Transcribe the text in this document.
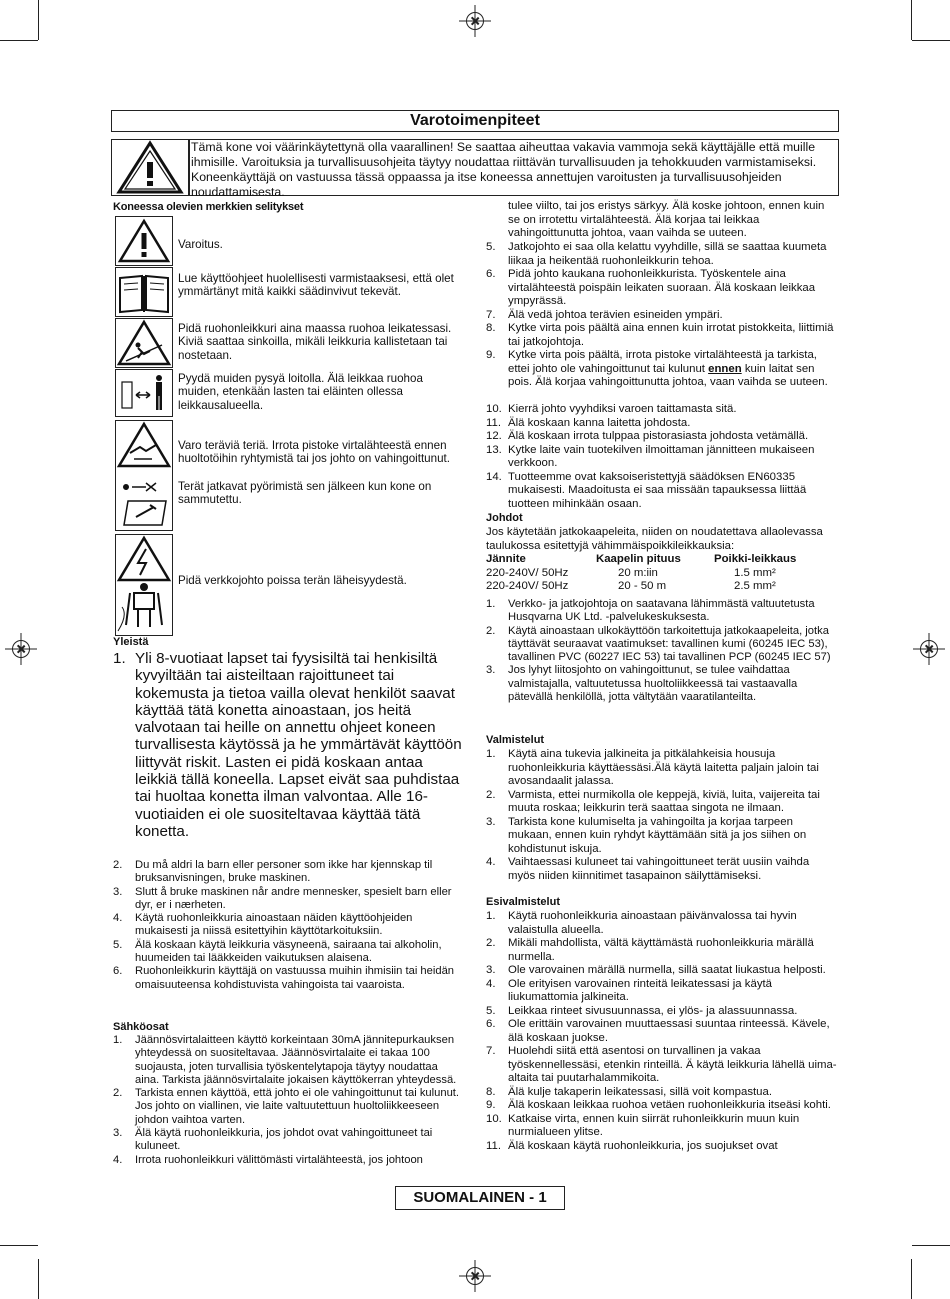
Varotoimenpiteet
Tämä kone voi väärinkäytettynä olla vaarallinen! Se saattaa aiheuttaa vakavia vammoja sekä käyttäjälle että muille ihmisille. Varoituksia ja turvallisuusohjeita täytyy noudattaa riittävän turvallisuuden ja tehokkuuden varmistamiseksi. Koneenkäyttäjä on vastuussa tässä oppaassa ja itse koneessa annettujen varoitusten ja turvallisuusohjeiden noudattamisesta.
Koneessa olevien merkkien selitykset
Varoitus.
Lue käyttöohjeet huolellisesti varmistaaksesi, että olet ymmärtänyt mitä kaikki säädinvivut tekevät.
Pidä ruohonleikkuri aina maassa ruohoa leikatessasi. Kiviä saattaa sinkoilla, mikäli leikkuria kallistetaan tai nostetaan.
Pyydä muiden pysyä loitolla. Älä leikkaa ruohoa muiden, etenkään lasten tai eläinten ollessa leikkausalueella.
Varo teräviä teriä. Irrota pistoke virtalähteestä ennen huoltotöihin ryhtymistä tai jos johto on vahingoittunut.
Terät jatkavat pyörimistä sen jälkeen kun kone on sammutettu.
Pidä verkkojohto poissa terän läheisyydestä.
Yleistä
1. Yli 8-vuotiaat lapset tai fyysisiltä tai henkisiltä kyvyiltään tai aisteiltaan rajoittuneet tai kokemusta ja tietoa vailla olevat henkilöt saavat käyttää tätä konetta ainoastaan, jos heitä valvotaan tai heille on annettu ohjeet koneen turvallisesta käytössä ja he ymmärtävät käyttöön liittyvät riskit. Lasten ei pidä koskaan antaa leikkiä tällä koneella. Lapset eivät saa puhdistaa tai huoltaa konetta ilman valvontaa. Alle 16-vuotiaiden ei ole suositeltavaa käyttää tätä konetta.
2. Du må aldri la barn eller personer som ikke har kjennskap til bruksanvisningen, bruke maskinen.
3. Slutt å bruke maskinen når andre mennesker, spesielt barn eller dyr, er i nærheten.
4. Käytä ruohonleikkuria ainoastaan näiden käyttöohjeiden mukaisesti ja niissä esitettyihin käyttötarkoituksiin.
5. Älä koskaan käytä leikkuria väsyneenä, sairaana tai alkoholin, huumeiden tai lääkkeiden vaikutuksen alaisena.
6. Ruohonleikkurin käyttäjä on vastuussa muihin ihmisiin tai heidän omaisuuteensa kohdistuvista vahingoista tai vaaroista.
Sähköosat
1. Jäännösvirtalaitteen käyttö korkeintaan 30mA jännitepurkauksen yhteydessä on suositeltavaa. Jäännösvirtalaite ei takaa 100 suojausta, joten turvallisia työskentelytapoja täytyy noudattaa aina. Tarkista jäännösvirtalaite jokaisen käyttökerran yhteydessä.
2. Tarkista ennen käyttöä, että johto ei ole vahingoittunut tai kulunut. Jos johto on viallinen, vie laite valtuutettuun huoltoliikkeeseen johdon vaihtoa varten.
3. Älä käytä ruohonleikkuria, jos johdot ovat vahingoittuneet tai kuluneet.
4. Irrota ruohonleikkuri välittömästi virtalähteestä, jos johtoon
tulee viilto, tai jos eristys särkyy. Älä koske johtoon, ennen kuin se on irrotettu virtalähteestä. Älä korjaa tai leikkaa vahingoittunutta johtoa, vaan vaihda se uuteen.
5. Jatkojohto ei saa olla kelattu vyyhdille, sillä se saattaa kuumeta liikaa ja heikentää ruohonleikkurin tehoa.
6. Pidä johto kaukana ruohonleikkurista. Työskentele aina virtalähteestä poispäin leikaten suoraan. Älä koskaan leikkaa ympyrässä.
7. Älä vedä johtoa terävien esineiden ympäri.
8. Kytke virta pois päältä aina ennen kuin irrotat pistokkeita, liittimiä tai jatkojohtoja.
9. Kytke virta pois päältä, irrota pistoke virtalähteestä ja tarkista, ettei johto ole vahingoittunut tai kulunut ennen kuin laitat sen pois. Älä korjaa vahingoittunutta johtoa, vaan vaihda se uuteen.
10. Kierrä johto vyyhdiksi varoen taittamasta sitä.
11. Älä koskaan kanna laitetta johdosta.
12. Älä koskaan irrota tulppaa pistorasiasta johdosta vetämällä.
13. Kytke laite vain tuotekilven ilmoittaman jännitteen mukaiseen verkkoon.
14. Tuotteemme ovat kaksoiseristettyjä säädöksen EN60335 mukaisesti. Maadoitusta ei saa missään tapauksessa liittää tuotteen mihinkään osaan.
Johdot
Jos käytetään jatkokaapeleita, niiden on noudatettava allaolevassa taulukossa esitettyjä vähimmäispoikkileikkauksia:
Jännite	Kaapelin pituus	Poikki-leikkaus
220-240V/ 50Hz	20 m:iin	1.5 mm²
220-240V/ 50Hz	20 - 50 m	2.5 mm²
1. Verkko- ja jatkojohtoja on saatavana lähimmästä valtuutetusta Husqvarna UK Ltd. -palvelukeskuksesta.
2. Käytä ainoastaan ulkokäyttöön tarkoitettuja jatkokaapeleita, jotka täyttävät seuraavat vaatimukset: tavallinen kumi (60245 IEC 53), tavallinen PVC (60227 IEC 53) tai tavallinen PCP (60245 IEC 57)
3. Jos lyhyt liitosjohto on vahingoittunut, se tulee vaihdattaa valmistajalla, valtuutetussa huoltoliikkeessä tai vastaavalla pätevällä henkilöllä, jotta vältytään vaaratilanteilta.
Valmistelut
1. Käytä aina tukevia jalkineita ja pitkälahkeisia housuja ruohonleikkuria käyttäessäsi.Älä käytä laitetta paljain jaloin tai avosandaalit jalassa.
2. Varmista, ettei nurmikolla ole keppejä, kiviä, luita, vaijereita tai muuta roskaa; leikkurin terä saattaa singota ne ilmaan.
3. Tarkista kone kulumiselta ja vahingoilta ja korjaa tarpeen mukaan, ennen kuin ryhdyt käyttämään sitä ja jos siihen on kohdistunut iskuja.
4. Vaihtaessasi kuluneet tai vahingoittuneet terät uusiin vaihda myös niiden kiinnitimet tasapainon säilyttämiseksi.
Esivalmistelut
1. Käytä ruohonleikkuria ainoastaan päivänvalossa tai hyvin valaistulla alueella.
2. Mikäli mahdollista, vältä käyttämästä ruohonleikkuria märällä nurmella.
3. Ole varovainen märällä nurmella, sillä saatat liukastua helposti.
4. Ole erityisen varovainen rinteitä leikatessasi ja käytä liukumattomia jalkineita.
5. Leikkaa rinteet sivusuunnassa, ei ylös- ja alassuunnassa.
6. Ole erittäin varovainen muuttaessasi suuntaa rinteessä. Kävele, älä koskaan juokse.
7. Huolehdi siitä että asentosi on turvallinen ja vakaa työskennellessäsi, etenkin rinteillä. Ä käytä leikkuria lähellä uima-altaita tai puutarhalammikoita.
8. Älä kulje takaperin leikatessasi, sillä voit kompastua.
9. Älä koskaan leikkaa ruohoa vetäen ruohonleikkuria itseäsi kohti.
10. Katkaise virta, ennen kuin siirrät ruhonleikkurin muun kuin nurmialueen ylitse.
11. Älä koskaan käytä ruohonleikkuria, jos suojukset ovat
SUOMALAINEN - 1
